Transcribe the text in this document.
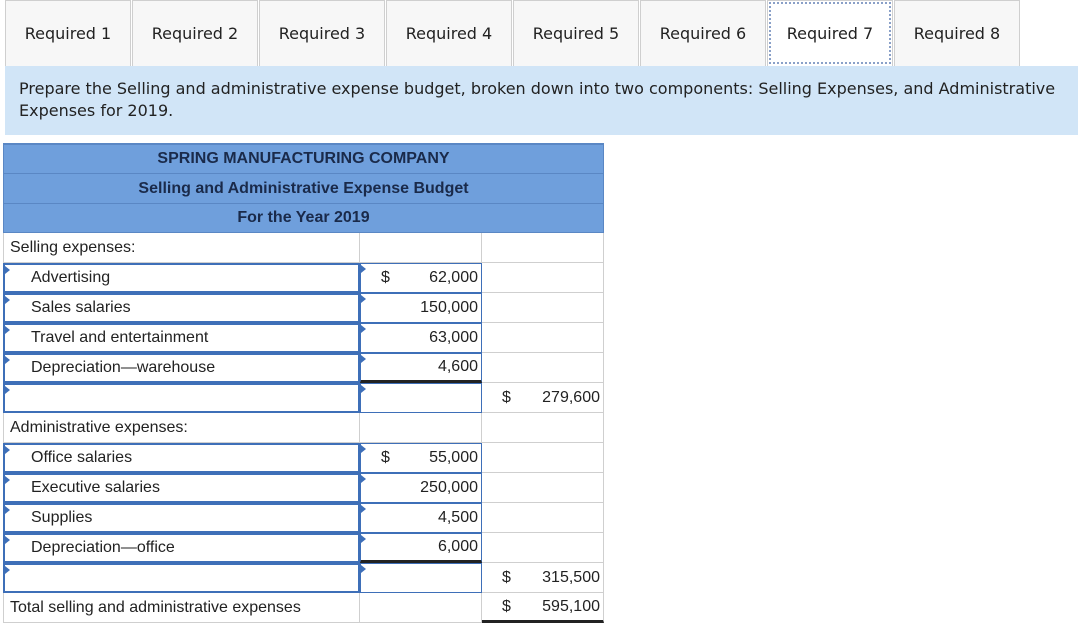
Required 1	Required 2	Required 3	Required 4	Required 5	Required 6	Required 7	Required 8
Prepare the Selling and administrative expense budget, broken down into two components: Selling Expenses, and Administrative Expenses for 2019.
SPRING MANUFACTURING COMPANY
Selling and Administrative Expense Budget
For the Year 2019
Selling expenses:
Advertising	$ 62,000
Sales salaries	150,000
Travel and entertainment	63,000
Depreciation—warehouse	4,600
$ 279,600
Administrative expenses:
Office salaries	$ 55,000
Executive salaries	250,000
Supplies	4,500
Depreciation—office	6,000
$ 315,500
Total selling and administrative expenses	$ 595,100
